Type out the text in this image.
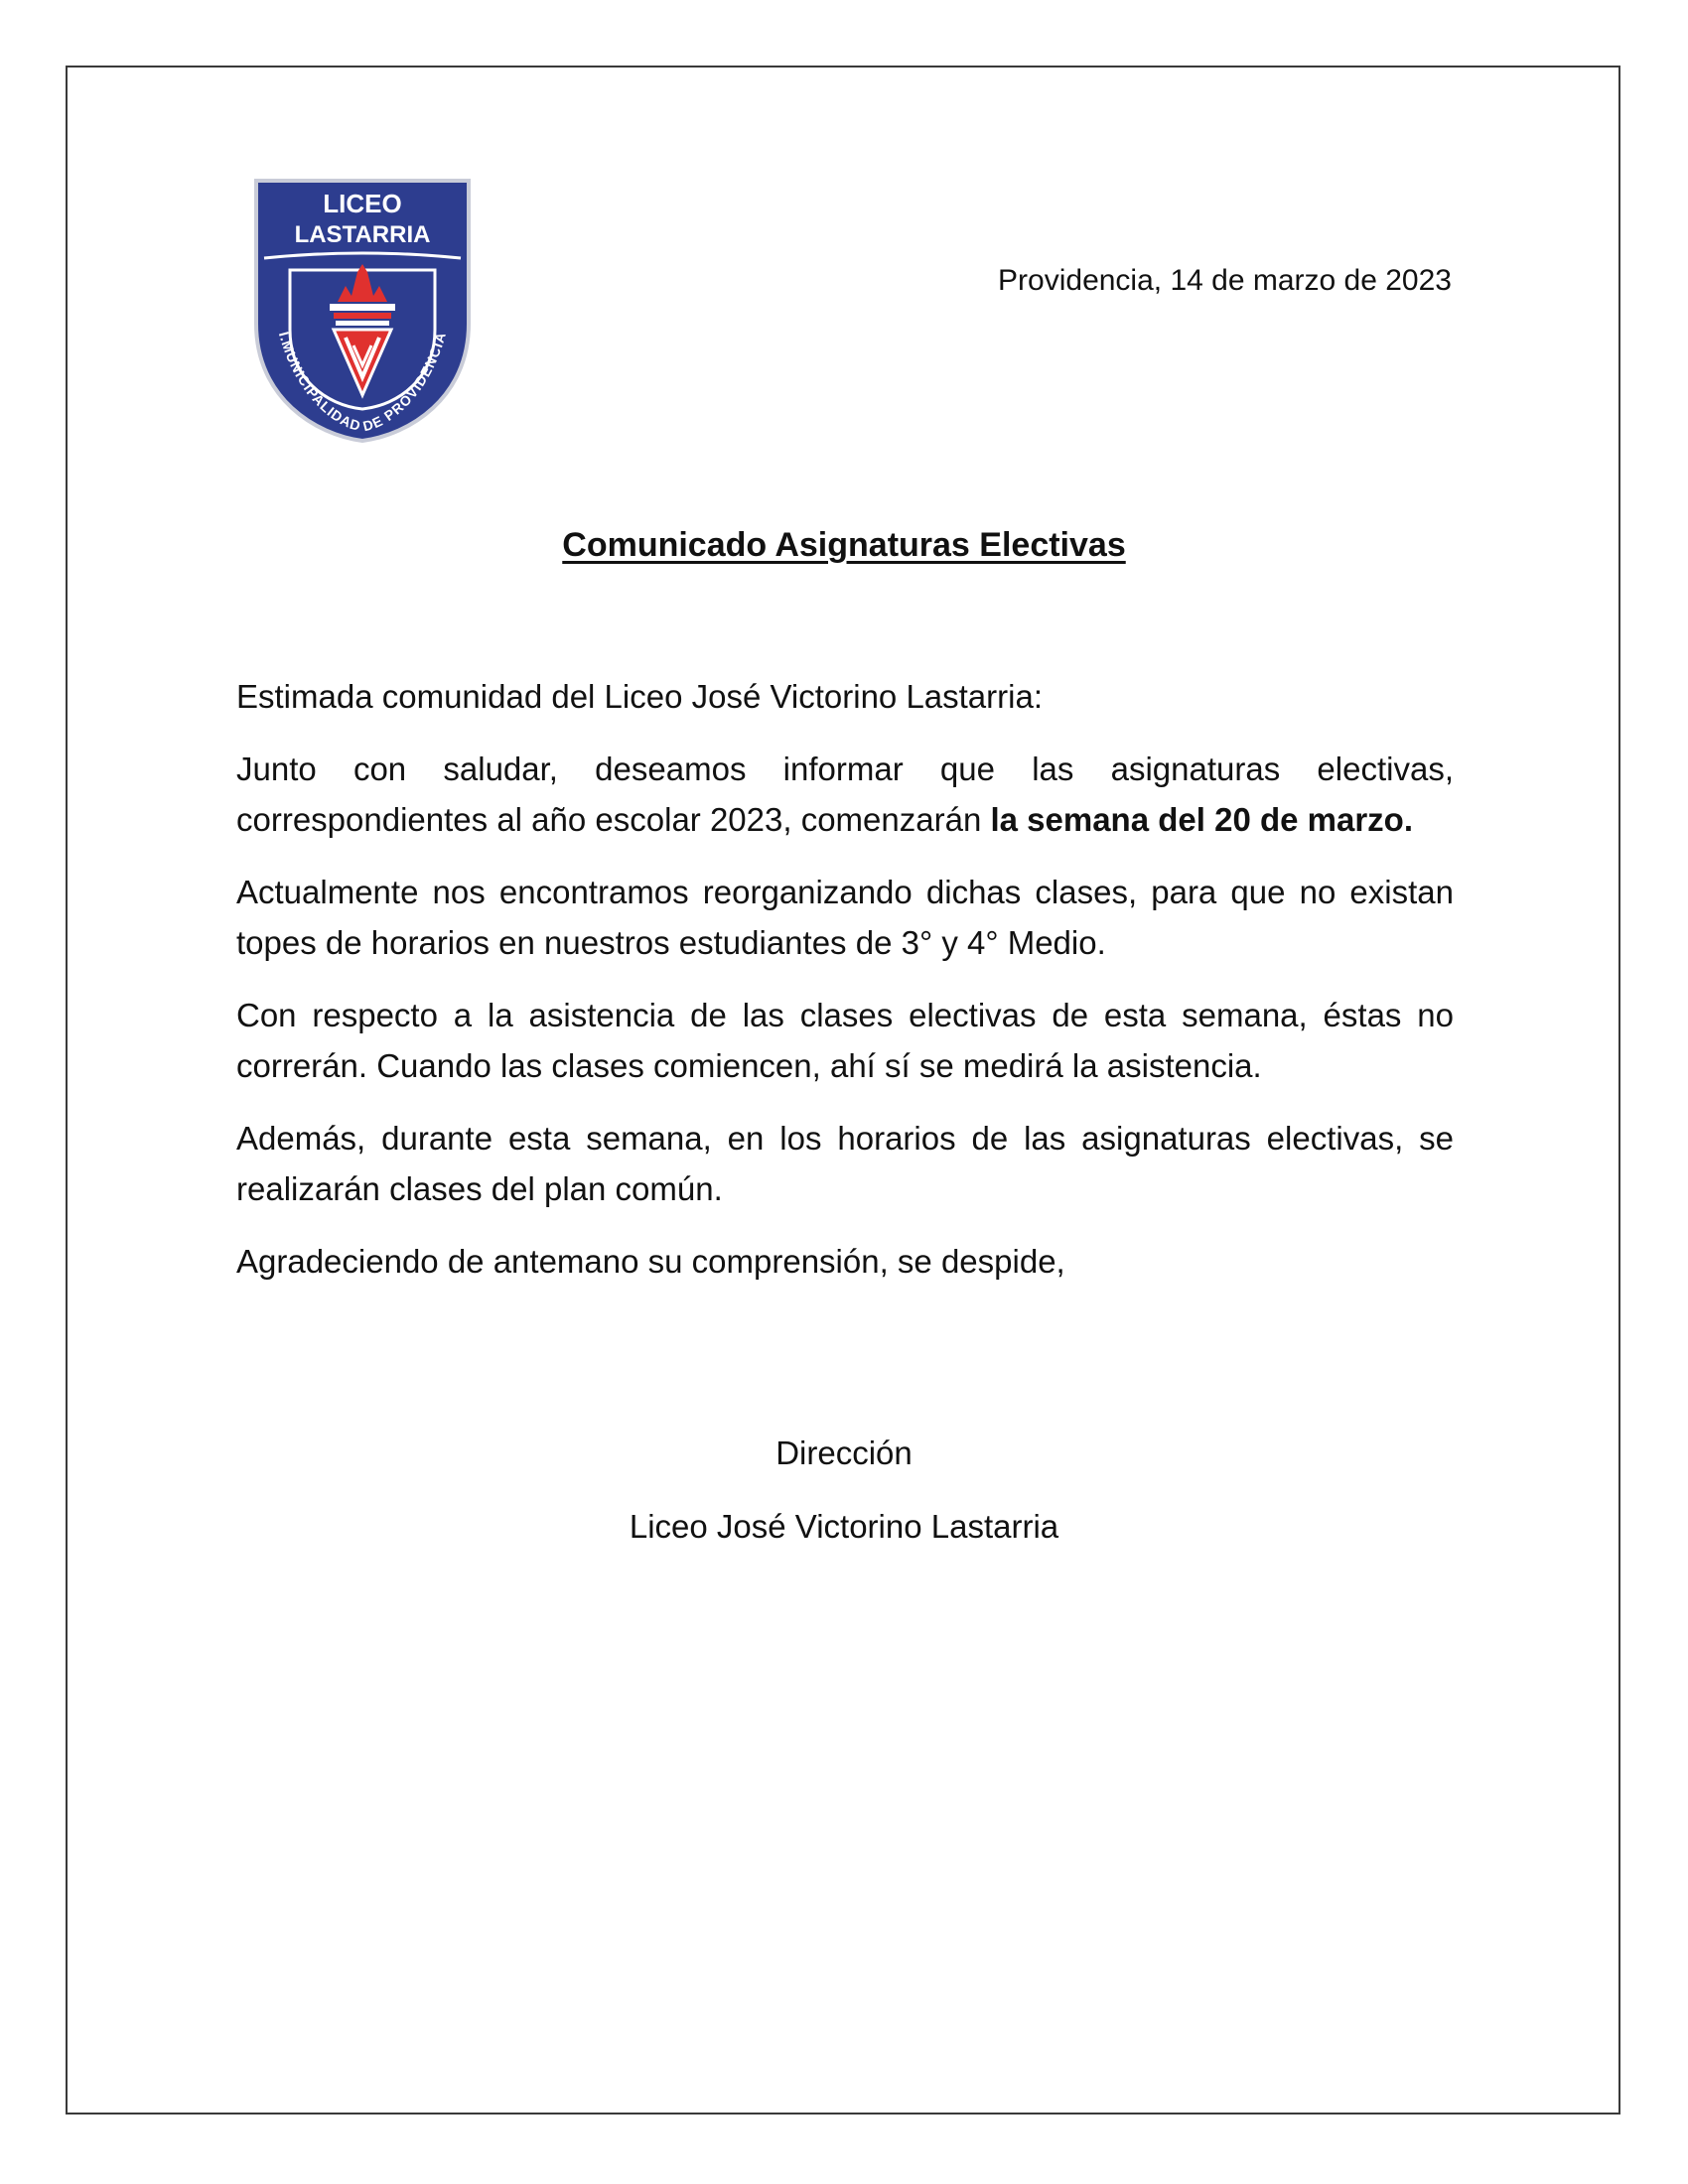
LICEO
LASTARRIA
I.MUNICIPALIDAD DE PROVIDENCIA
Providencia, 14 de marzo de 2023
Comunicado Asignaturas Electivas

Estimada comunidad del Liceo José Victorino Lastarria:

Junto con saludar, deseamos informar que las asignaturas electivas, correspondientes al año escolar 2023, comenzarán la semana del 20 de marzo.

Actualmente nos encontramos reorganizando dichas clases, para que no existan topes de horarios en nuestros estudiantes de 3° y 4° Medio.

Con respecto a la asistencia de las clases electivas de esta semana, éstas no correrán. Cuando las clases comiencen, ahí sí se medirá la asistencia.

Además, durante esta semana, en los horarios de las asignaturas electivas, se realizarán clases del plan común.

Agradeciendo de antemano su comprensión, se despide,

Dirección
Liceo José Victorino Lastarria
